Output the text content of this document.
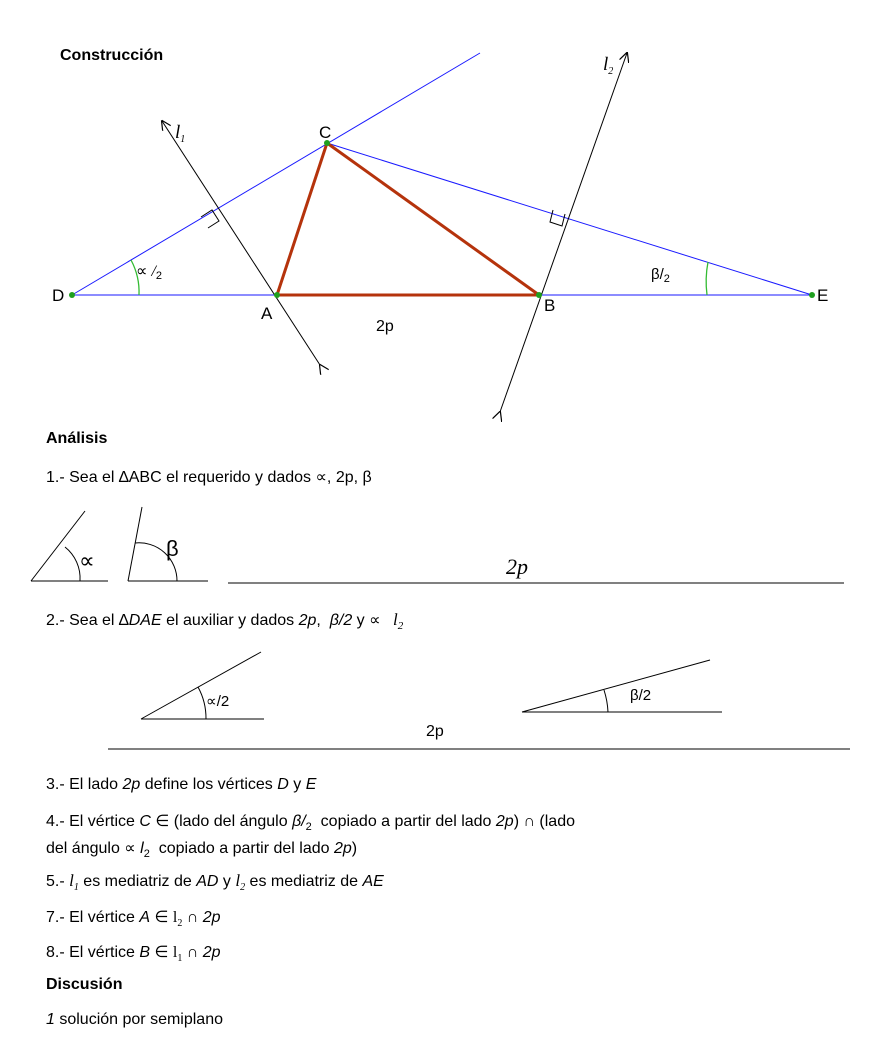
Construcción
$l_1$
$l_2$
C
D
A	B
E
2p
∝ /2	$\beta/_2$
Análisis
1.- Sea el ∆ABC el requerido y dados ∝, 2p, β
∝	β
2p
2.- Sea el ∆DAE el auxiliar y dados 2p,  β/2 $y \propto l_2$
∝/2	β/2
2p
3.- El lado 2p define los vértices D y E
4.- El vértice C ∈ (lado del ángulo $\beta/_2$  copiado a partir del lado 2p) ∩ (lado
del ángulo ∝ $l_2$  copiado a partir del lado 2p)
5.- $l_1$ es mediatriz de AD y $l_2$ es mediatriz de AE
7.- El vértice A ∈ $l_2$ ∩ 2p
8.- El vértice B ∈ $l_1$ ∩ 2p
Discusión
1 solución por semiplano
